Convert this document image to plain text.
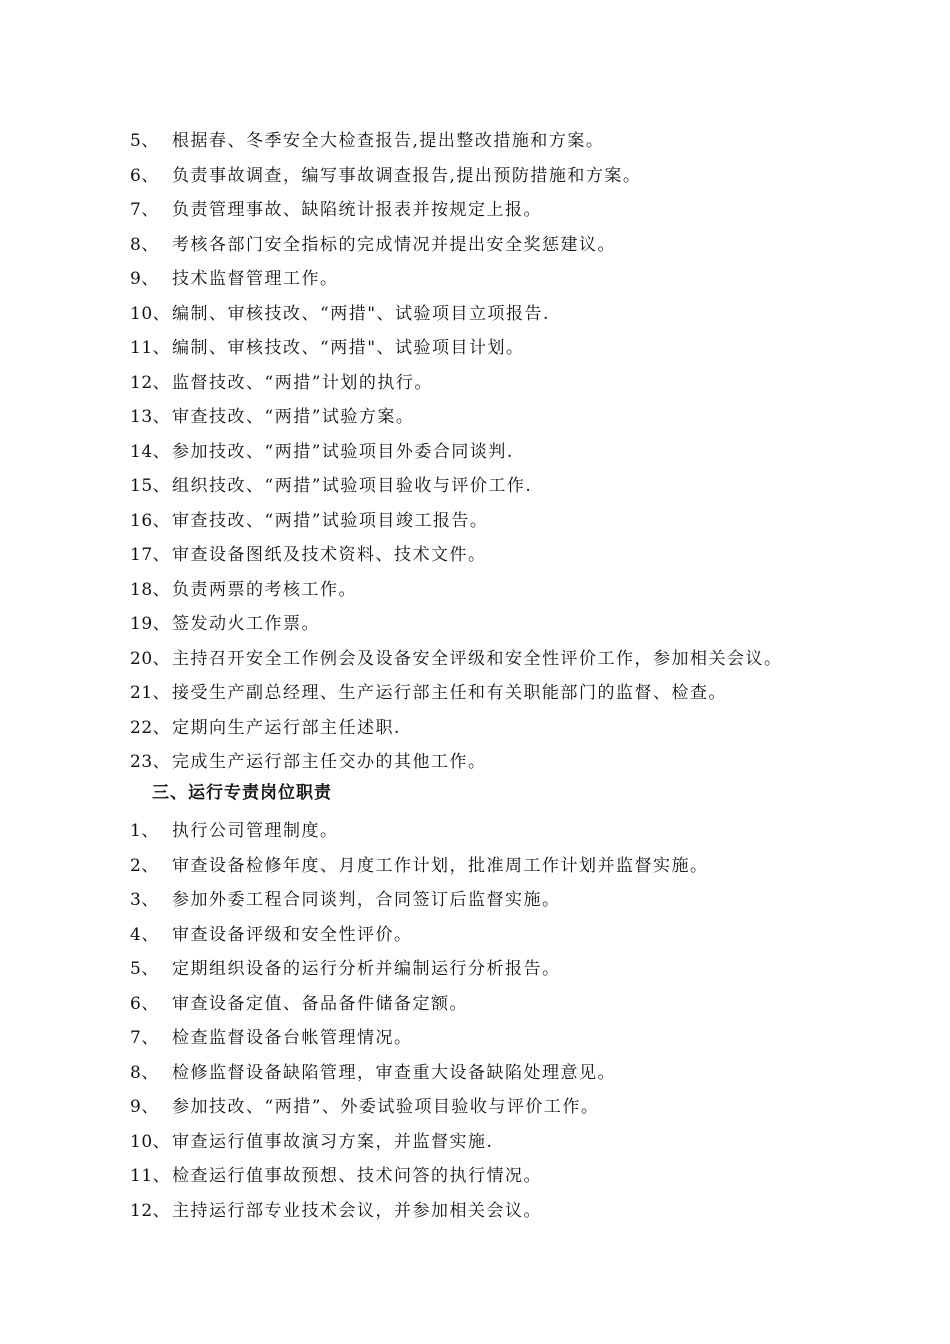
5、 根据春、冬季安全大检查报告,提出整改措施和方案。
6、 负责事故调查，编写事故调查报告,提出预防措施和方案。
7、 负责管理事故、缺陷统计报表并按规定上报。
8、 考核各部门安全指标的完成情况并提出安全奖惩建议。
9、 技术监督管理工作。
10、 编制、审核技改、“两措"、试验项目立项报告.
11、 编制、审核技改、“两措"、试验项目计划。
12、 监督技改、“两措”计划的执行。
13、 审查技改、“两措”试验方案。
14、 参加技改、“两措”试验项目外委合同谈判.
15、 组织技改、“两措”试验项目验收与评价工作.
16、 审查技改、“两措”试验项目竣工报告。
17、 审查设备图纸及技术资料、技术文件。
18、 负责两票的考核工作。
19、 签发动火工作票。
20、 主持召开安全工作例会及设备安全评级和安全性评价工作，参加相关会议。
21、 接受生产副总经理、生产运行部主任和有关职能部门的监督、检查。
22、 定期向生产运行部主任述职.
23、 完成生产运行部主任交办的其他工作。
三、运行专责岗位职责
1、 执行公司管理制度。
2、 审查设备检修年度、月度工作计划，批准周工作计划并监督实施。
3、 参加外委工程合同谈判，合同签订后监督实施。
4、 审查设备评级和安全性评价。
5、 定期组织设备的运行分析并编制运行分析报告。
6、 审查设备定值、备品备件储备定额。
7、 检查监督设备台帐管理情况。
8、 检修监督设备缺陷管理，审查重大设备缺陷处理意见。
9、 参加技改、“两措”、外委试验项目验收与评价工作。
10、 审查运行值事故演习方案，并监督实施.
11、 检查运行值事故预想、技术问答的执行情况。
12、 主持运行部专业技术会议，并参加相关会议。
